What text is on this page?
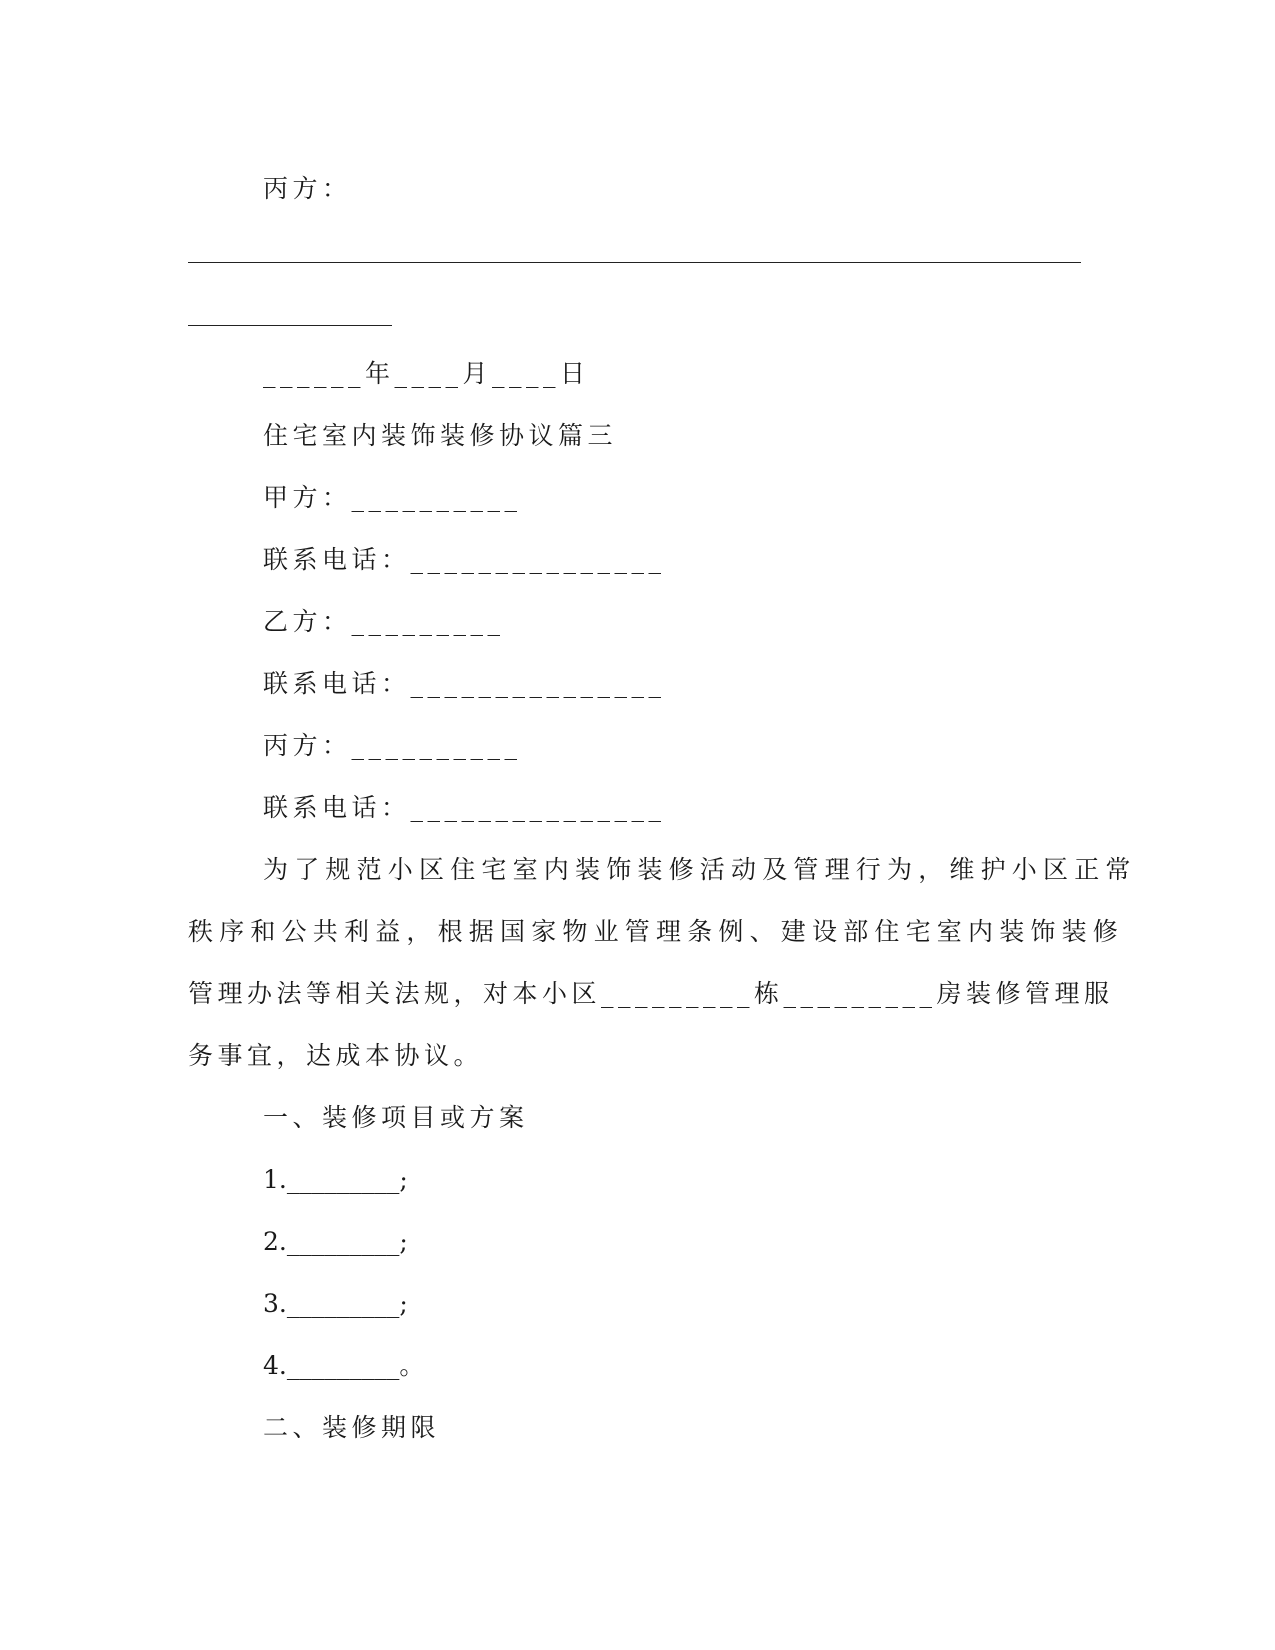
丙方：
______年____月____日
住宅室内装饰装修协议篇三
甲方：__________
联系电话：_______________
乙方：_________
联系电话：_______________
丙方：__________
联系电话：_______________
为了规范小区住宅室内装饰装修活动及管理行为，维护小区正常
秩序和公共利益，根据国家物业管理条例、建设部住宅室内装饰装修
管理办法等相关法规，对本小区_________栋_________房装修管理服
务事宜，达成本协议。
一、装修项目或方案
1._________;
2._________;
3._________;
4._________。
二、装修期限
